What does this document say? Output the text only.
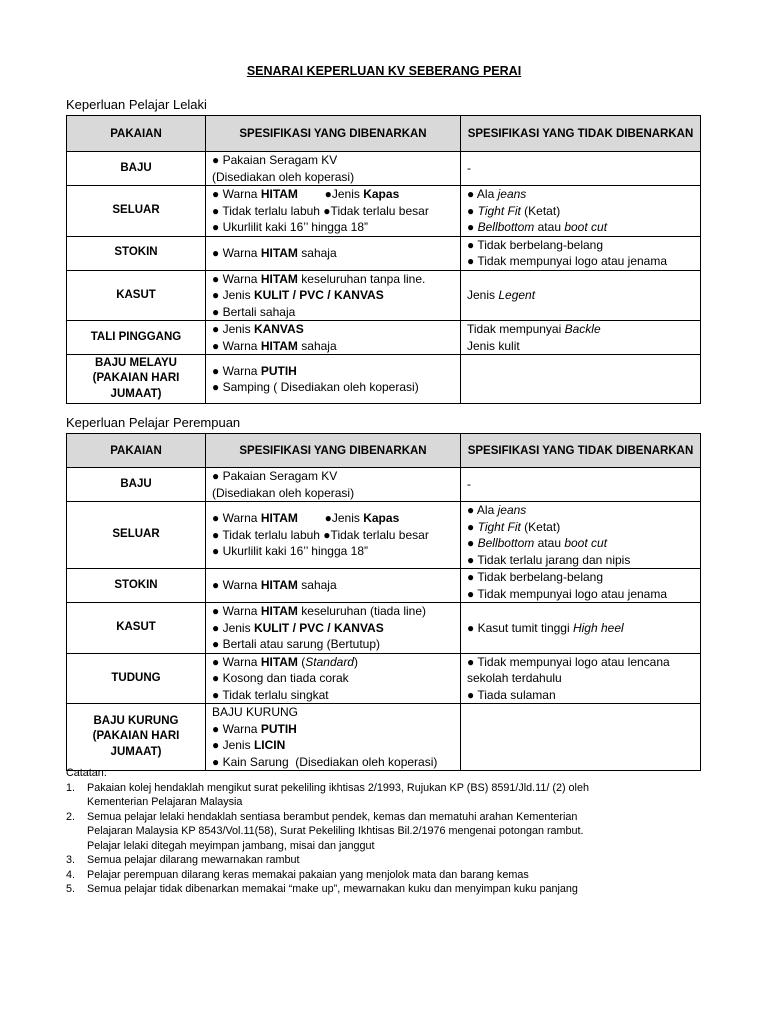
SENARAI KEPERLUAN KV SEBERANG PERAI
Keperluan Pelajar Lelaki
PAKAIAN	SPESIFIKASI YANG DIBENARKAN	SPESIFIKASI YANG TIDAK DIBENARKAN

BAJU	● Pakaian Seragam KV
(Disediakan oleh koperasi)	-

SELUAR	● Warna HITAM        ●Jenis Kapas
● Tidak terlalu labuh ●Tidak terlalu besar
● Ukurlilit kaki 16’’ hingga 18”	● Ala jeans
● Tight Fit (Ketat)
● Bellbottom atau boot cut

STOKIN	● Warna HITAM sahaja	● Tidak berbelang-belang
● Tidak mempunyai logo atau jenama

KASUT	● Warna HITAM keseluruhan tanpa line.
● Jenis KULIT / PVC / KANVAS
● Bertali sahaja	Jenis Legent

TALI PINGGANG	● Jenis KANVAS
● Warna HITAM sahaja	Tidak mempunyai Backle
Jenis kulit

BAJU MELAYU
(PAKAIAN HARI
JUMAAT)	● Warna PUTIH
● Samping ( Disediakan oleh koperasi)	

Keperluan Pelajar Perempuan
PAKAIAN	SPESIFIKASI YANG DIBENARKAN	SPESIFIKASI YANG TIDAK DIBENARKAN

BAJU	● Pakaian Seragam KV
(Disediakan oleh koperasi)	-

SELUAR	● Warna HITAM        ●Jenis Kapas
● Tidak terlalu labuh ●Tidak terlalu besar
● Ukurlilit kaki 16’’ hingga 18”	● Ala jeans
● Tight Fit (Ketat)
● Bellbottom atau boot cut
● Tidak terlalu jarang dan nipis

STOKIN	● Warna HITAM sahaja	● Tidak berbelang-belang
● Tidak mempunyai logo atau jenama

KASUT	● Warna HITAM keseluruhan (tiada line)
● Jenis KULIT / PVC / KANVAS
● Bertali atau sarung (Bertutup)	● Kasut tumit tinggi High heel

TUDUNG	● Warna HITAM (Standard)
● Kosong dan tiada corak
● Tidak terlalu singkat	● Tidak mempunyai logo atau lencana
sekolah terdahulu
● Tiada sulaman

BAJU KURUNG
(PAKAIAN HARI
JUMAAT)	BAJU KURUNG
● Warna PUTIH
● Jenis LICIN
● Kain Sarung  (Disediakan oleh koperasi)	

Catatan:
1. Pakaian kolej hendaklah mengikut surat pekeliling ikhtisas 2/1993, Rujukan KP (BS) 8591/Jld.11/ (2) oleh
Kementerian Pelajaran Malaysia
2. Semua pelajar lelaki hendaklah sentiasa berambut pendek, kemas dan mematuhi arahan Kementerian
Pelajaran Malaysia KP 8543/Vol.11(58), Surat Pekeliling Ikhtisas Bil.2/1976 mengenai potongan rambut.
Pelajar lelaki ditegah meyimpan jambang, misai dan janggut
3. Semua pelajar dilarang mewarnakan rambut
4. Pelajar perempuan dilarang keras memakai pakaian yang menjolok mata dan barang kemas
5. Semua pelajar tidak dibenarkan memakai “make up”, mewarnakan kuku dan menyimpan kuku panjang
